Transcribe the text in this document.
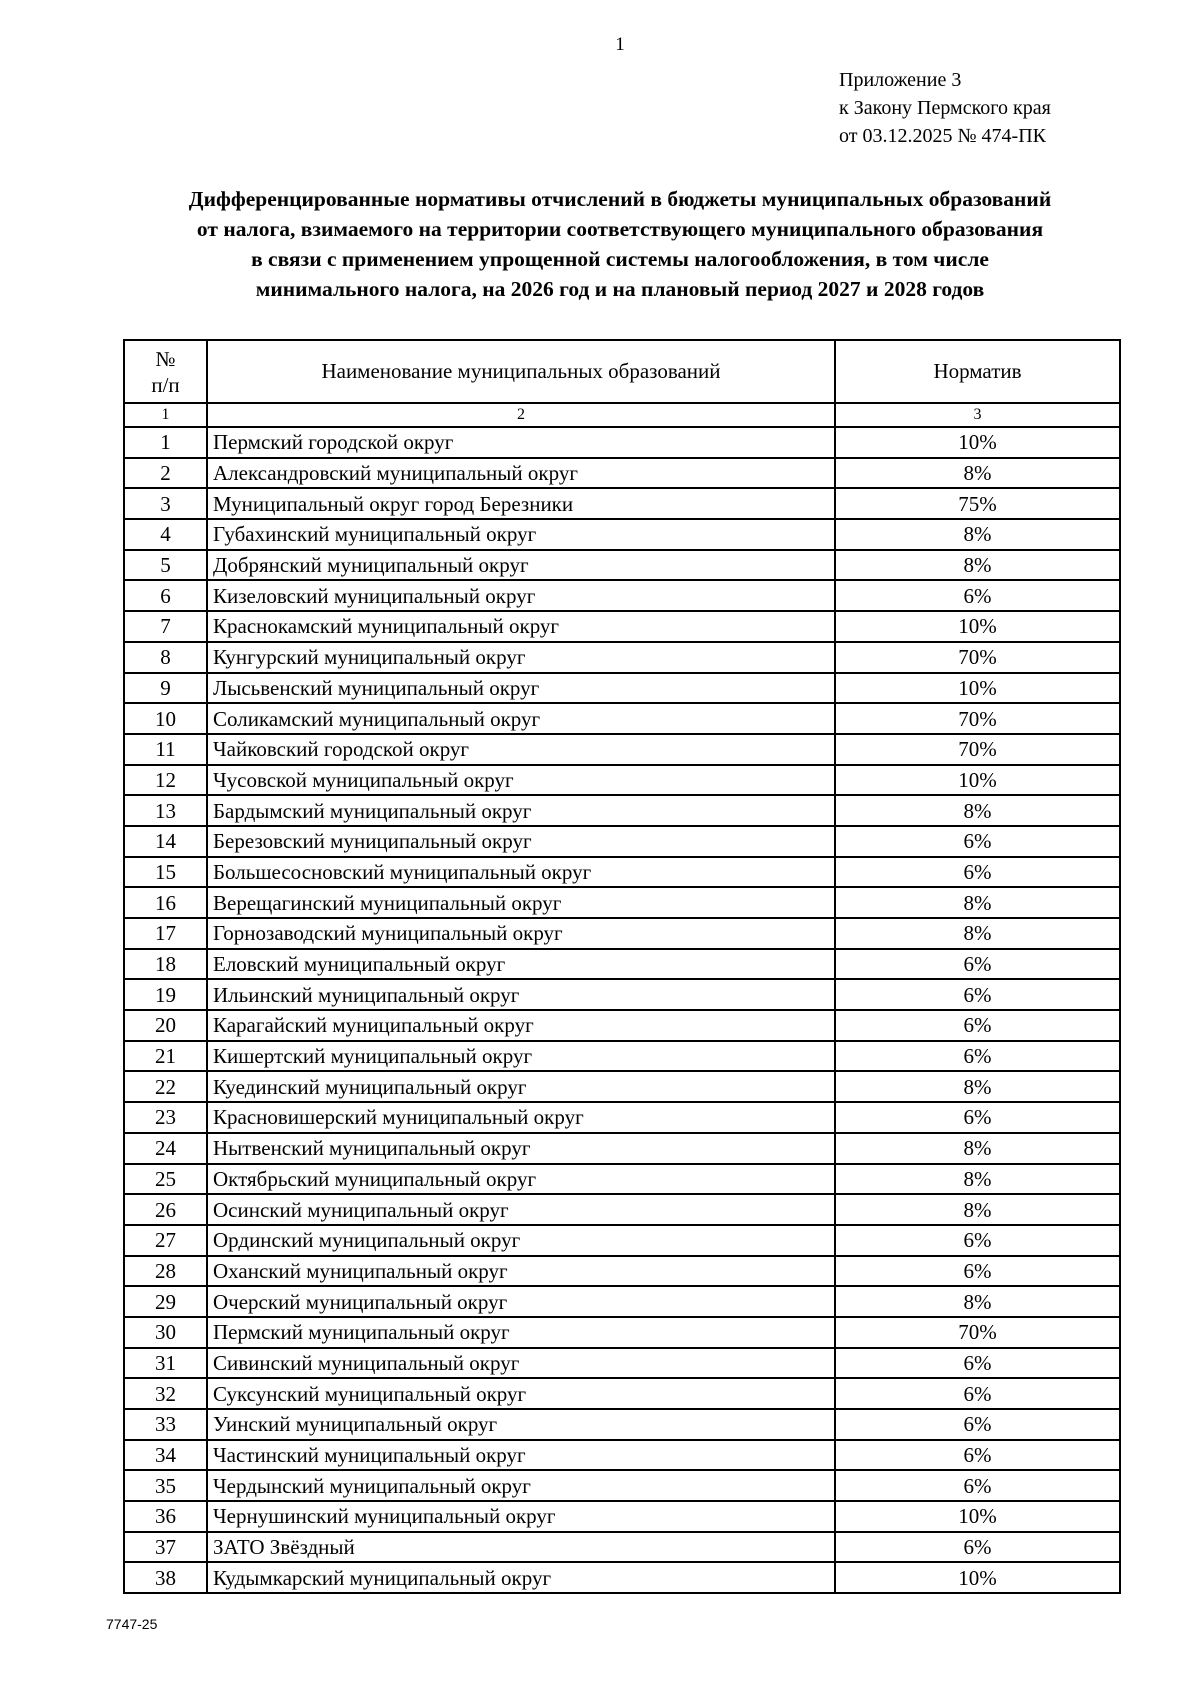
1
Приложение 3
к Закону Пермского края
от 03.12.2025 № 474-ПК
Дифференцированные нормативы отчислений в бюджеты муниципальных образований
от налога, взимаемого на территории соответствующего муниципального образования
в связи с применением упрощенной системы налогообложения, в том числе
минимального налога, на 2026 год и на плановый период 2027 и 2028 годов
№
п/п	Наименование муниципальных образований	Норматив
1	2	3
1	Пермский городской округ	10%
2	Александровский муниципальный округ	8%
3	Муниципальный округ город Березники	75%
4	Губахинский муниципальный округ	8%
5	Добрянский муниципальный округ	8%
6	Кизеловский муниципальный округ	6%
7	Краснокамский муниципальный округ	10%
8	Кунгурский муниципальный округ	70%
9	Лысьвенский муниципальный округ	10%
10	Соликамский муниципальный округ	70%
11	Чайковский городской округ	70%
12	Чусовской муниципальный округ	10%
13	Бардымский муниципальный округ	8%
14	Березовский муниципальный округ	6%
15	Большесосновский муниципальный округ	6%
16	Верещагинский муниципальный округ	8%
17	Горнозаводский муниципальный округ	8%
18	Еловский муниципальный округ	6%
19	Ильинский муниципальный округ	6%
20	Карагайский муниципальный округ	6%
21	Кишертский муниципальный округ	6%
22	Куединский муниципальный округ	8%
23	Красновишерский муниципальный округ	6%
24	Нытвенский муниципальный округ	8%
25	Октябрьский муниципальный округ	8%
26	Осинский муниципальный округ	8%
27	Ординский муниципальный округ	6%
28	Оханский муниципальный округ	6%
29	Очерский муниципальный округ	8%
30	Пермский муниципальный округ	70%
31	Сивинский муниципальный округ	6%
32	Суксунский муниципальный округ	6%
33	Уинский муниципальный округ	6%
34	Частинский муниципальный округ	6%
35	Чердынский муниципальный округ	6%
36	Чернушинский муниципальный округ	10%
37	ЗАТО Звёздный	6%
38	Кудымкарский муниципальный округ	10%
7747-25
